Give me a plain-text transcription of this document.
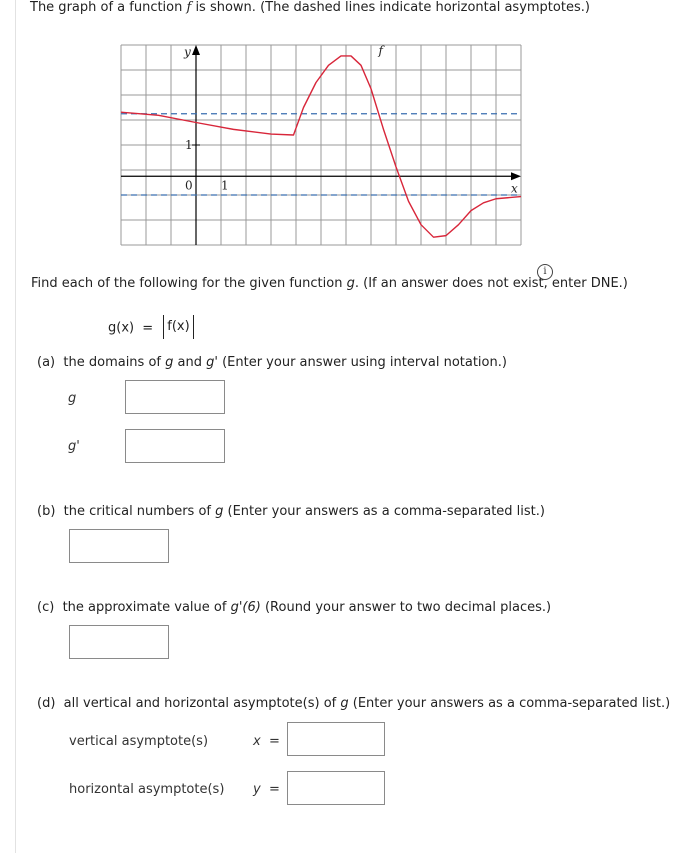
The graph of a function f is shown. (The dashed lines indicate horizontal asymptotes.)
y
x
f
1
0 1
i
Find each of the following for the given function g. (If an answer does not exist, enter DNE.)
g(x) = f(x)
(a) the domains of g and g' (Enter your answer using interval notation.)
g
g'
(b) the critical numbers of g (Enter your answers as a comma-separated list.)
(c) the approximate value of g'(6) (Round your answer to two decimal places.)
(d) all vertical and horizontal asymptote(s) of g (Enter your answers as a comma-separated list.)
vertical asymptote(s)	x  =
horizontal asymptote(s) y  =
